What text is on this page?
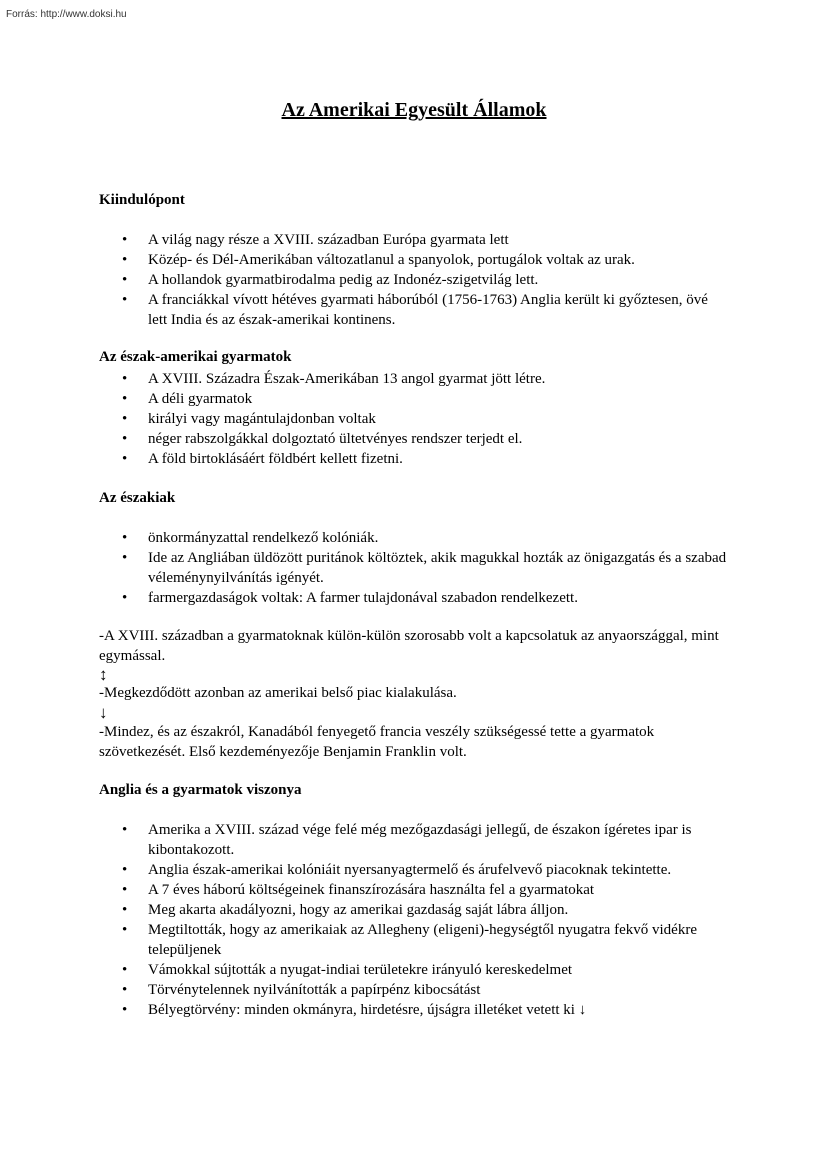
Forrás: http://www.doksi.hu
Az Amerikai Egyesült Államok
Kiindulópont
• A világ nagy része a XVIII. században Európa gyarmata lett
• Közép- és Dél-Amerikában változatlanul a spanyolok, portugálok voltak az urak.
• A hollandok gyarmatbirodalma pedig az Indonéz-szigetvilág lett.
• A franciákkal vívott hétéves gyarmati háborúból (1756-1763) Anglia került ki győztesen, övé lett India és az észak-amerikai kontinens.
Az észak-amerikai gyarmatok
• A XVIII. Századra Észak-Amerikában 13 angol gyarmat jött létre.
• A déli gyarmatok
• királyi vagy magántulajdonban voltak
• néger rabszolgákkal dolgoztató ültetvényes rendszer terjedt el.
• A föld birtoklásáért földbért kellett fizetni.
Az északiak
• önkormányzattal rendelkező kolóniák.
• Ide az Angliában üldözött puritánok költöztek, akik magukkal hozták az önigazgatás és a szabad véleménynyilvánítás igényét.
• farmergazdaságok voltak: A farmer tulajdonával szabadon rendelkezett.
-A XVIII. században a gyarmatoknak külön-külön szorosabb volt a kapcsolatuk az anyaországgal, mint egymással.
↕
-Megkezdődött azonban az amerikai belső piac kialakulása.
↓
-Mindez, és az északról, Kanadából fenyegető francia veszély szükségessé tette a gyarmatok szövetkezését. Első kezdeményezője Benjamin Franklin volt.
Anglia és a gyarmatok viszonya
• Amerika a XVIII. század vége felé még mezőgazdasági jellegű, de északon ígéretes ipar is kibontakozott.
• Anglia észak-amerikai kolóniáit nyersanyagtermelő és árufelvevő piacoknak tekintette.
• A 7 éves háború költségeinek finanszírozására használta fel a gyarmatokat
• Meg akarta akadályozni, hogy az amerikai gazdaság saját lábra álljon.
• Megtiltották, hogy az amerikaiak az Allegheny (eligeni)-hegységtől nyugatra fekvő vidékre települjenek
• Vámokkal sújtották a nyugat-indiai területekre irányuló kereskedelmet
• Törvénytelennek nyilvánították a papírpénz kibocsátást
• Bélyegtörvény: minden okmányra, hirdetésre, újságra illetéket vetett ki ↓
